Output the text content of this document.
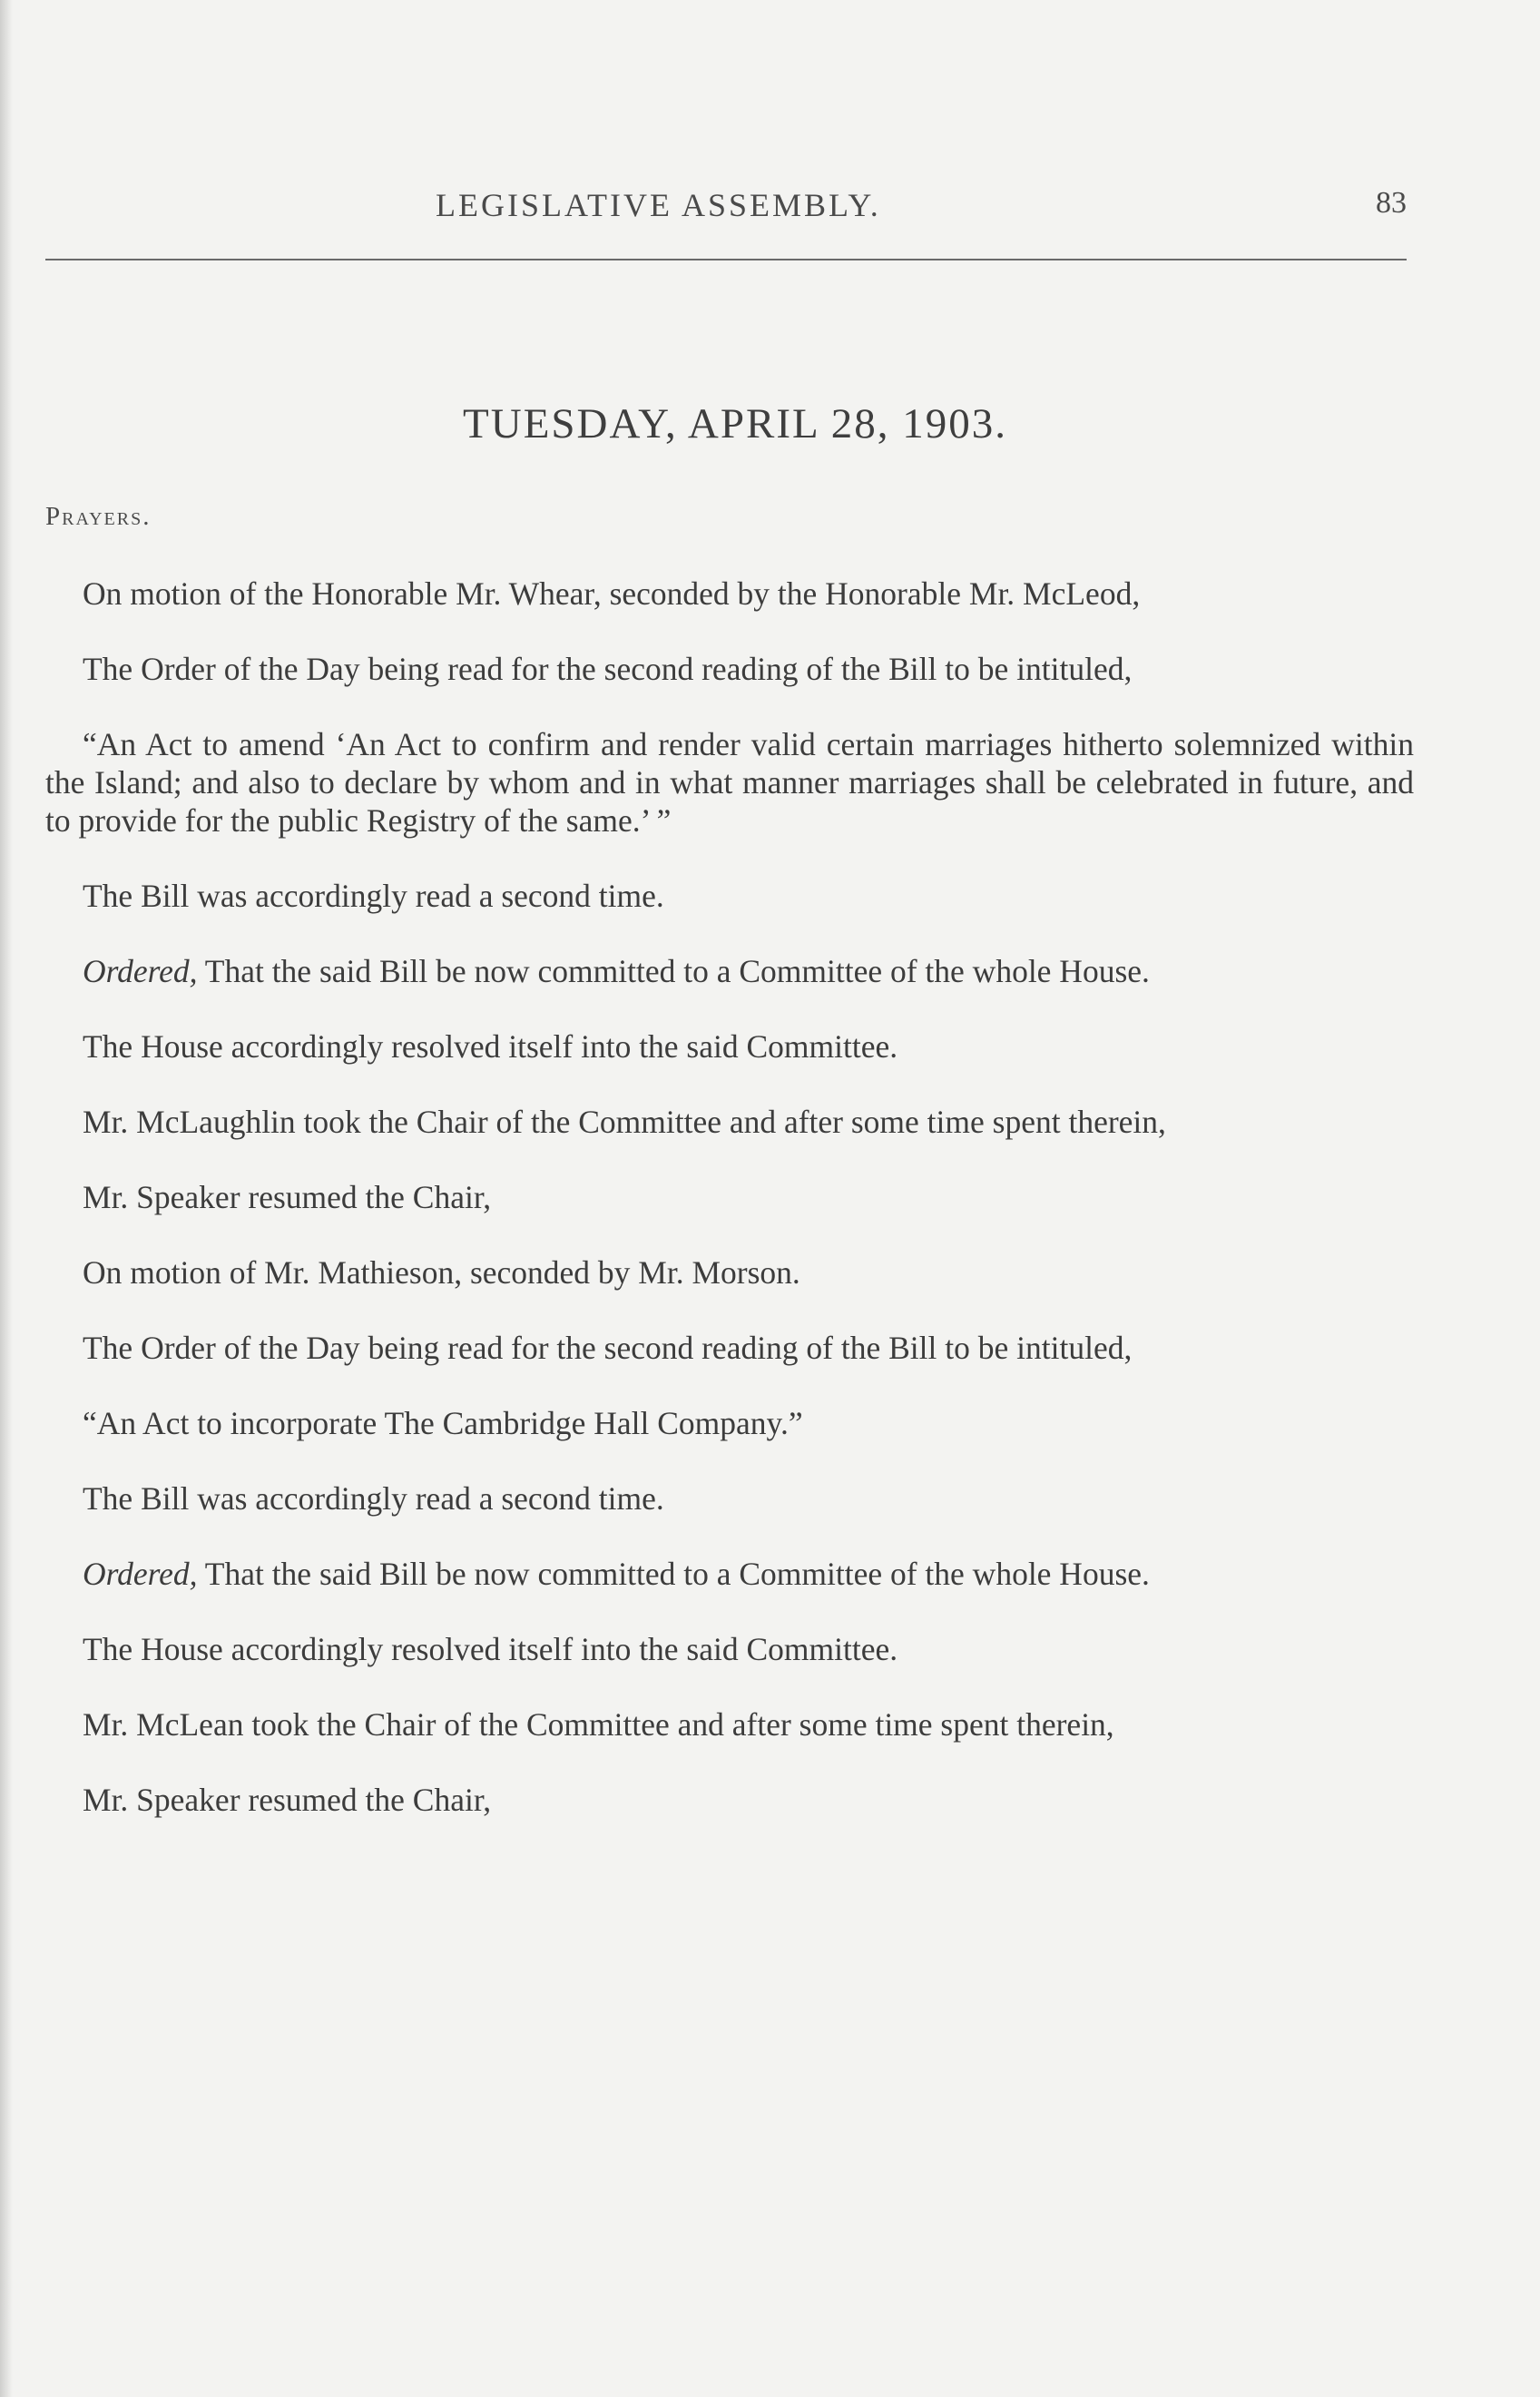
LEGISLATIVE ASSEMBLY.	83
TUESDAY, APRIL 28, 1903.
Prayers.

On motion of the Honorable Mr. Whear, seconded by the Honorable Mr. McLeod,

The Order of the Day being read for the second reading of the Bill to be intituled,

“An Act to amend ‘An Act to confirm and render valid certain marriages hitherto solemnized within the Island; and also to declare by whom and in what manner marriages shall be celebrated in future, and to provide for the public Registry of the same.’ ”

The Bill was accordingly read a second time.

Ordered, That the said Bill be now committed to a Committee of the whole House.

The House accordingly resolved itself into the said Committee.

Mr. McLaughlin took the Chair of the Committee and after some time spent therein,

Mr. Speaker resumed the Chair,

On motion of Mr. Mathieson, seconded by Mr. Morson.

The Order of the Day being read for the second reading of the Bill to be intituled,

“An Act to incorporate The Cambridge Hall Company.”

The Bill was accordingly read a second time.

Ordered, That the said Bill be now committed to a Committee of the whole House.

The House accordingly resolved itself into the said Committee.

Mr. McLean took the Chair of the Committee and after some time spent therein,

Mr. Speaker resumed the Chair,
